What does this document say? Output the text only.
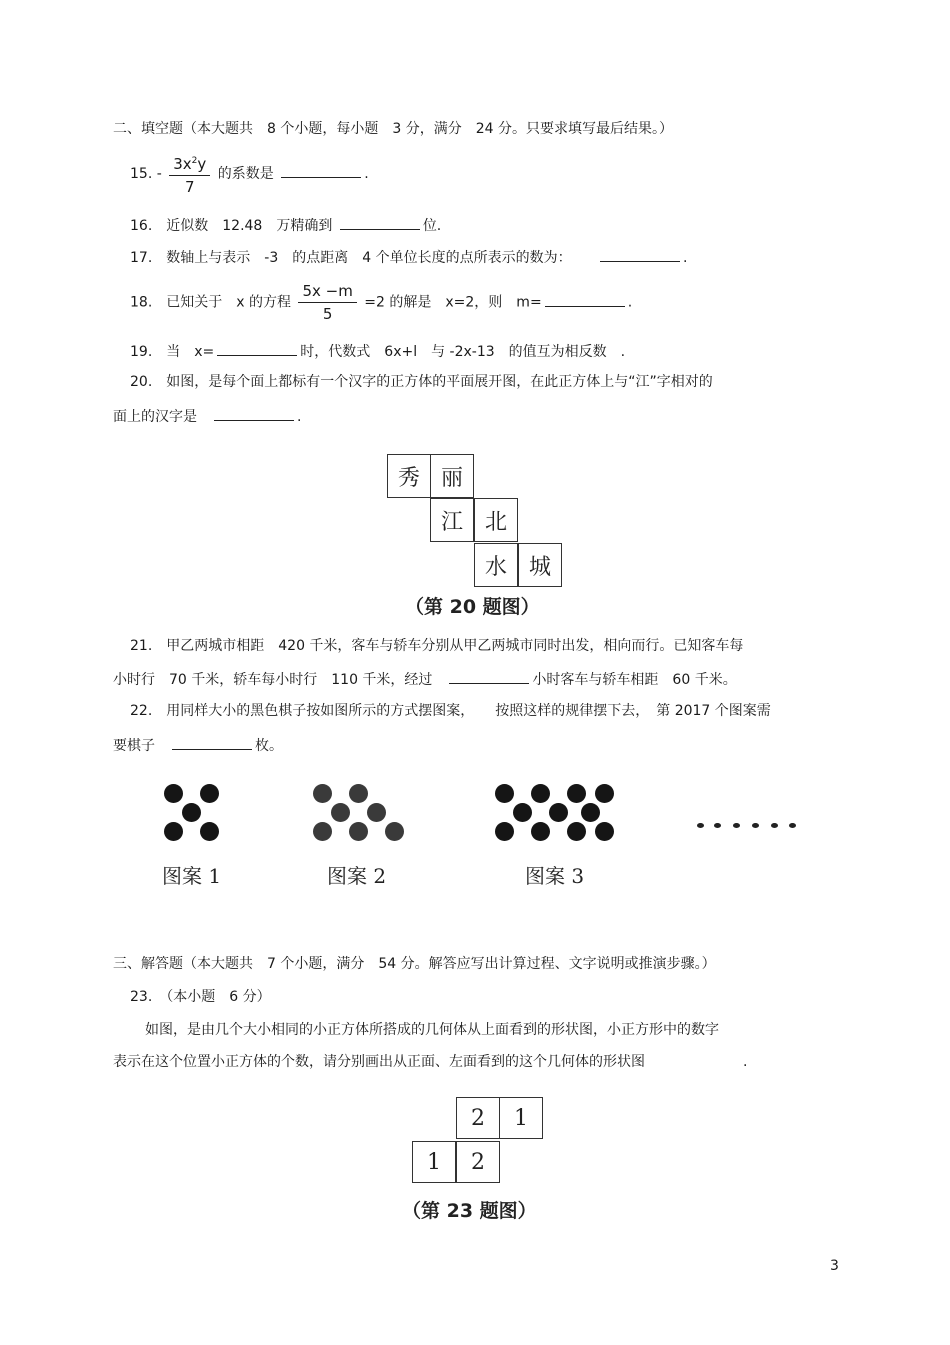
二、填空题（本大题共　8 个小题，每小题　3 分，满分　24 分。只要求填写最后结果。）
15. - $\frac{3x^2y}{7}$ 的系数是	.
16.　 近似数　12.48　万精确到	位.
17.　 数轴上与表示　-3　的点距离　4 个单位长度的点所表示的数为：　　	.
18.　 已知关于　x 的方程 $\frac{5x -m}{5} =2$ 的解是　x=2，则　m=	.
19.　 当　x=	时，代数式　6x+l　与 -2x-13　的值互为相反数　.
20.　 如图，是每个面上都标有一个汉字的正方体的平面展开图，在此正方体上与“江”字相对的
面上的汉字是　	.
秀 丽
江 北
水 城
（第 20 题图）
21.　 甲乙两城市相距　420 千米，客车与轿车分别从甲乙两城市同时出发，相向而行。已知客车每
小时行　70 千米，轿车每小时行　110 千米，经过　	小时客车与轿车相距　60 千米。
22.　 用同样大小的黑色棋子按如图所示的方式摆图案，　　按照这样的规律摆下去，　第 2017 个图案需
要棋子　	枚。
图案 1	图案 2	图案 3
三、解答题（本大题共　7 个小题，满分　54 分。解答应写出计算过程、文字说明或推演步骤。）
23.　 （本小题　6 分）
如图，是由几个大小相同的小正方体所搭成的几何体从上面看到的形状图，小正方形中的数字
表示在这个位置小正方体的个数，请分别画出从正面、左面看到的这个几何体的形状图　　　　　　　	.
2	1
1	2
（第 23 题图）
3
